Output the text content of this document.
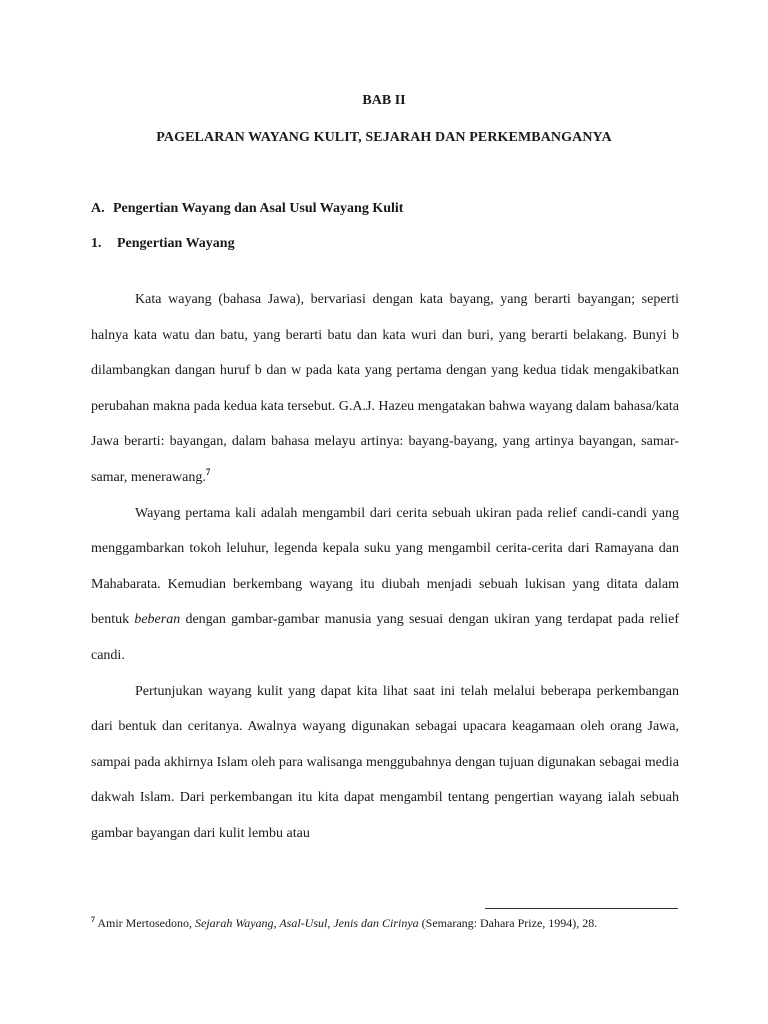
BAB II
PAGELARAN WAYANG KULIT, SEJARAH DAN PERKEMBANGANYA
A. Pengertian Wayang dan Asal Usul Wayang Kulit
1. Pengertian Wayang

Kata wayang (bahasa Jawa), bervariasi dengan kata bayang, yang berarti bayangan; seperti halnya kata watu dan batu, yang berarti batu dan kata wuri dan buri, yang berarti belakang. Bunyi b dilambangkan dangan huruf b dan w pada kata yang pertama dengan yang kedua tidak mengakibatkan perubahan makna pada kedua kata tersebut. G.A.J. Hazeu mengatakan bahwa wayang dalam bahasa/kata Jawa berarti: bayangan, dalam bahasa melayu artinya: bayang-bayang, yang artinya bayangan, samar-samar, menerawang.$^7$

Wayang pertama kali adalah mengambil dari cerita sebuah ukiran pada relief candi-candi yang menggambarkan tokoh leluhur, legenda kepala suku yang mengambil cerita-cerita dari Ramayana dan Mahabarata. Kemudian berkembang wayang itu diubah menjadi sebuah lukisan yang ditata dalam bentuk beberan dengan gambar-gambar manusia yang sesuai dengan ukiran yang terdapat pada relief candi.

Pertunjukan wayang kulit yang dapat kita lihat saat ini telah melalui beberapa perkembangan dari bentuk dan ceritanya. Awalnya wayang digunakan sebagai upacara keagamaan oleh orang Jawa, sampai pada akhirnya Islam oleh para walisanga menggubahnya dengan tujuan digunakan sebagai media dakwah Islam. Dari perkembangan itu kita dapat mengambil tentang pengertian wayang ialah sebuah gambar bayangan dari kulit lembu atau

$^7$ Amir Mertosedono, Sejarah Wayang, Asal-Usul, Jenis dan Cirinya (Semarang: Dahara Prize, 1994), 28.
